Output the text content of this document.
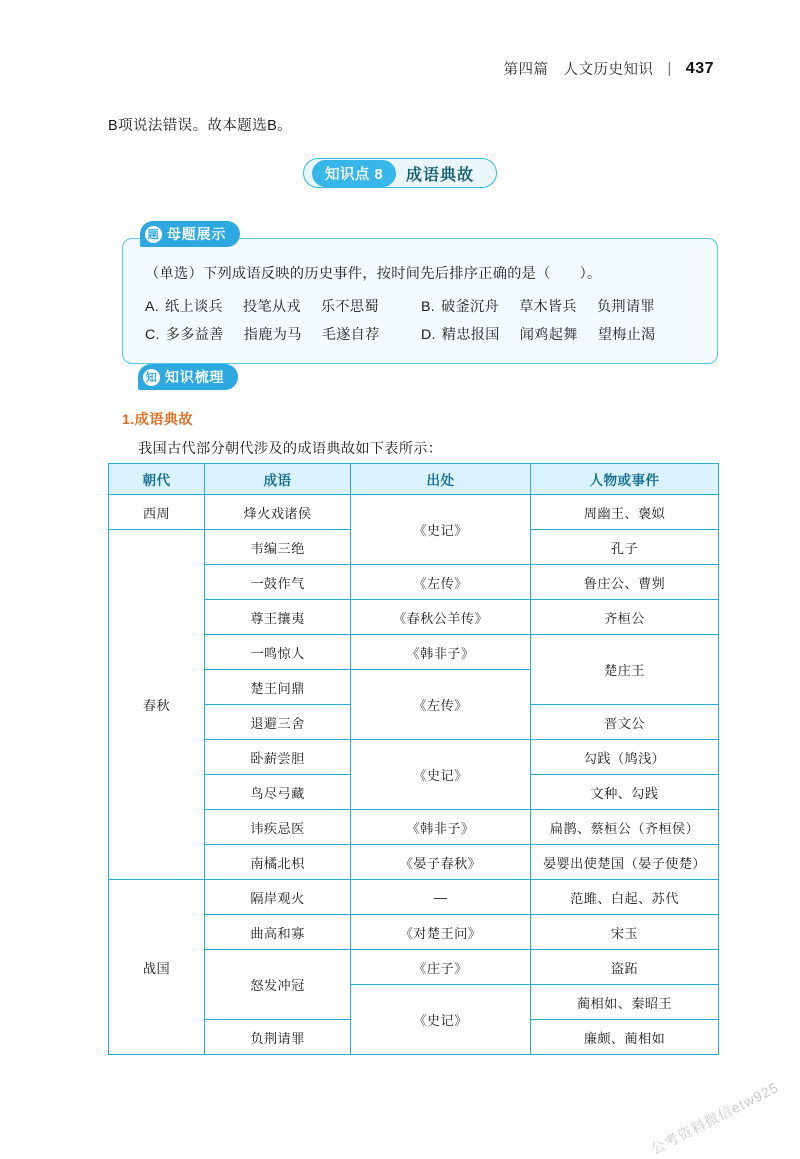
第四篇　人文历史知识 | 437
B项说法错误。故本题选B。
知识点 8	成语典故
题 母题展示
（单选）下列成语反映的历史事件，按时间先后排序正确的是（　　）。
A. 纸上谈兵 投笔从戎 乐不思蜀	B. 破釜沉舟 草木皆兵 负荆请罪
C. 多多益善 指鹿为马 毛遂自荐	D. 精忠报国 闻鸡起舞 望梅止渴
知 知识梳理
1.成语典故
我国古代部分朝代涉及的成语典故如下表所示：
朝代	成语	出处	人物或事件
西周	烽火戏诸侯	《史记》	周幽王、褒姒
春秋	韦编三绝		孔子
	一鼓作气	《左传》	鲁庄公、曹刿
	尊王攘夷	《春秋公羊传》	齐桓公
	一鸣惊人	《韩非子》	楚庄王
	楚王问鼎	《左传》	
	退避三舍		晋文公
	卧薪尝胆	《史记》	勾践（鸠浅）
	鸟尽弓藏		文种、勾践
	讳疾忌医	《韩非子》	扁鹊、蔡桓公（齐桓侯）
	南橘北枳	《晏子春秋》	晏婴出使楚国（晏子使楚）
战国	隔岸观火	—	范雎、白起、苏代
	曲高和寡	《对楚王问》	宋玉
	怒发冲冠	《庄子》	盗跖
		《史记》	蔺相如、秦昭王
	负荆请罪		廉颇、蔺相如
公考资料微信etw925
